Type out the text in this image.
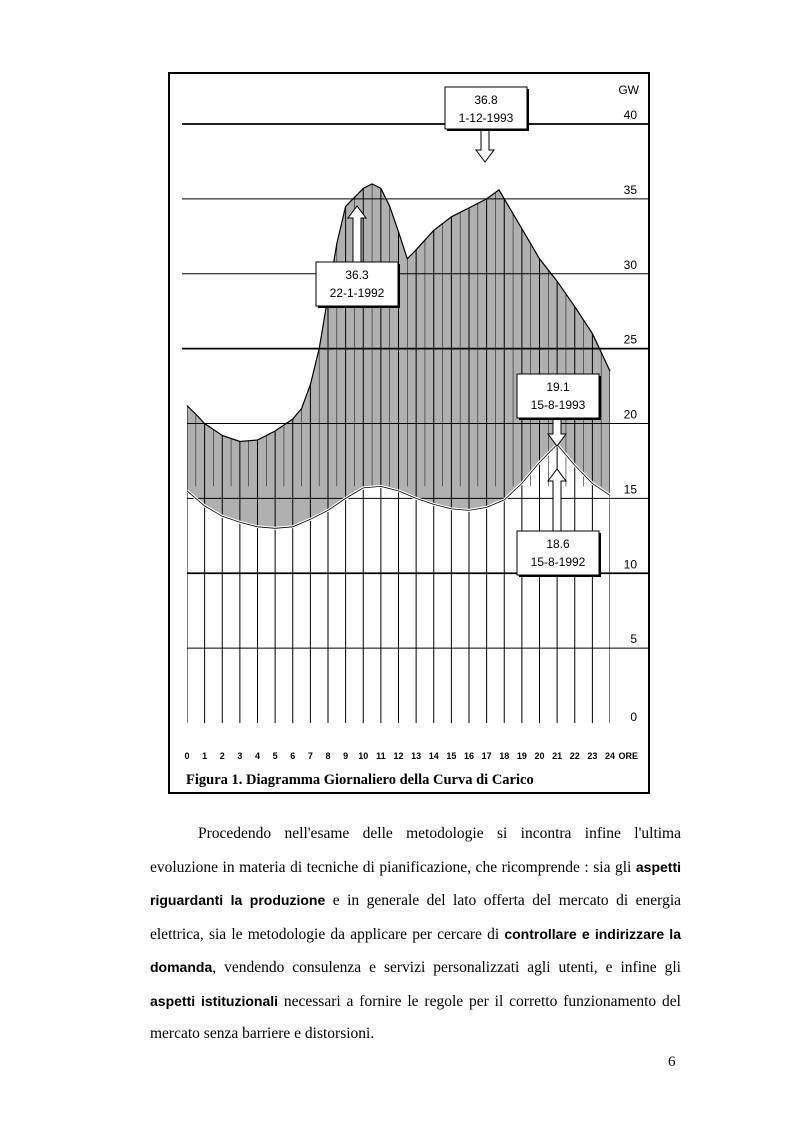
5
10
15
20
25
30
35
40
0
GW
0 1 2 3 4 5 6 7 8 9 10 11 12 13 14 15 16 17 18 19 20 21 22 23 24 ORE
36.8
1-12-1993
36.3
22-1-1992
19.1
15-8-1993
18.6
15-8-1992
Figura 1. Diagramma Giornaliero della Curva di Carico

Procedendo nell'esame delle metodologie si incontra infine l'ultima evoluzione in materia di tecniche di pianificazione, che ricomprende : sia gli aspetti riguardanti la produzione e in generale del lato offerta del mercato di energia elettrica, sia le metodologie da applicare per cercare di controllare e indirizzare la domanda, vendendo consulenza e servizi personalizzati agli utenti, e infine gli aspetti istituzionali necessari a fornire le regole per il corretto funzionamento del mercato senza barriere e distorsioni.

6
